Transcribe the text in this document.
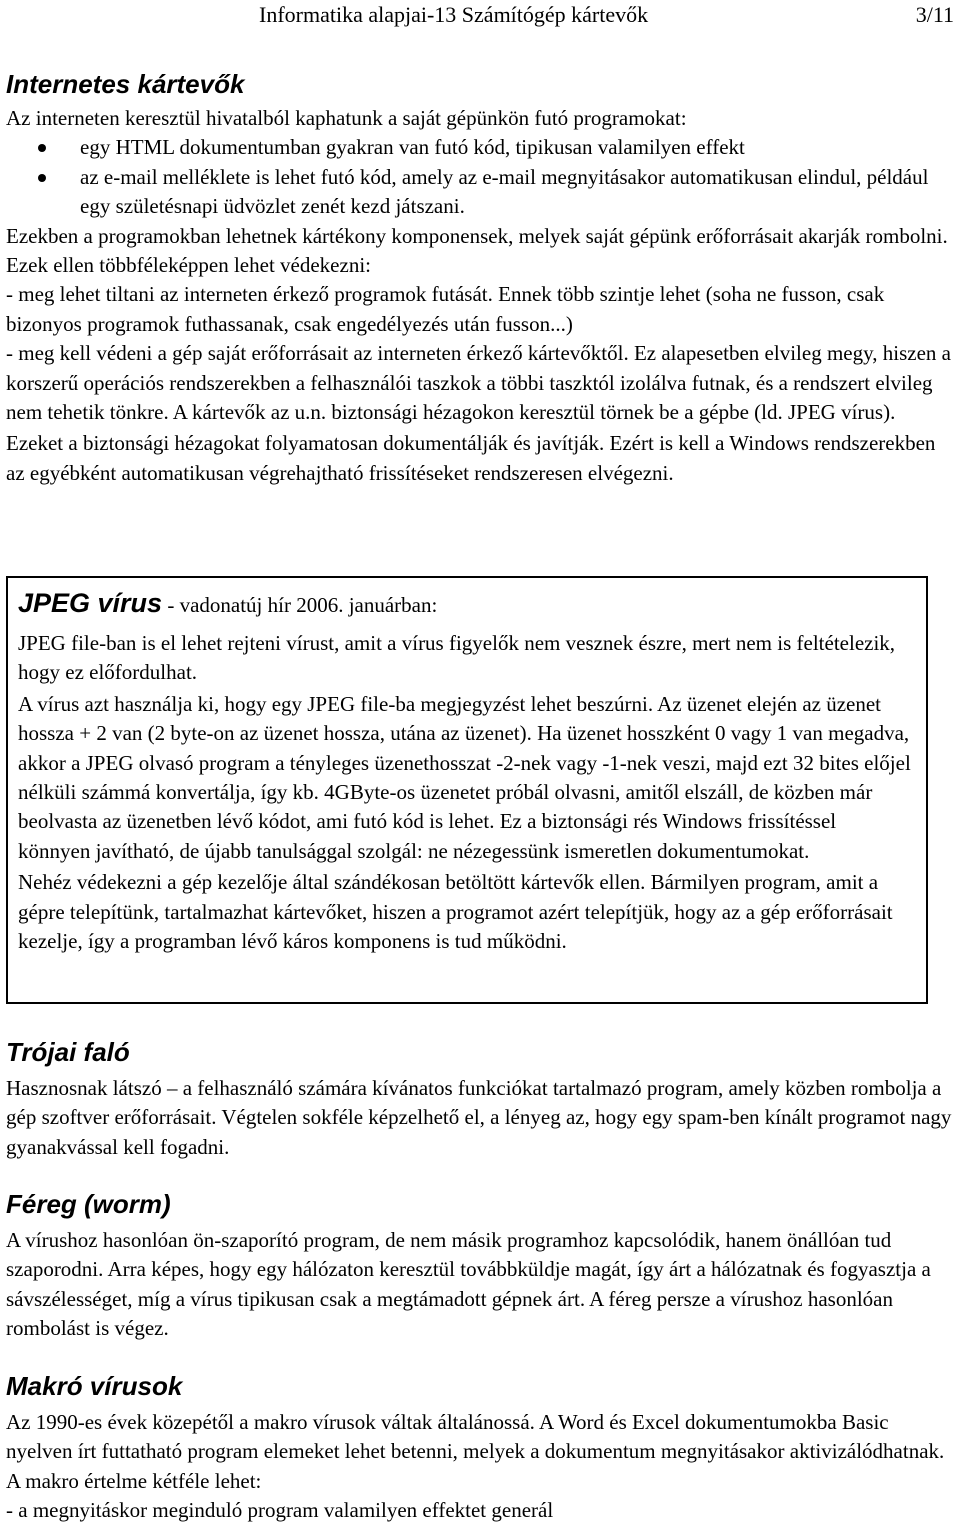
Informatika alapjai-13 Számítógép kártevők	3/11
Internetes kártevők

Az interneten keresztül hivatalból kaphatunk a saját gépünkön futó programokat:

egy HTML dokumentumban gyakran van futó kód, tipikusan valamilyen effekt
az e-mail melléklete is lehet futó kód, amely az e-mail megnyitásakor automatikusan elindul, például egy születésnapi üdvözlet zenét kezd játszani.

Ezekben a programokban lehetnek kártékony komponensek, melyek saját gépünk erőforrásait akarják rombolni. Ezek ellen többféleképpen lehet védekezni:

- meg lehet tiltani az interneten érkező programok futását. Ennek több szintje lehet (soha ne fusson, csak bizonyos programok futhassanak, csak engedélyezés után fusson...)

- meg kell védeni a gép saját erőforrásait az interneten érkező kártevőktől. Ez alapesetben elvileg megy, hiszen a korszerű operációs rendszerekben a felhasználói taszkok a többi taszktól izolálva futnak, és a rendszert elvileg nem tehetik tönkre. A kártevők az u.n. biztonsági hézagokon keresztül törnek be a gépbe (ld. JPEG vírus).

Ezeket a biztonsági hézagokat folyamatosan dokumentálják és javítják. Ezért is kell a Windows rendszerekben az egyébként automatikusan végrehajtható frissítéseket rendszeresen elvégezni.

JPEG vírus - vadonatúj hír 2006. januárban:

JPEG file-ban is el lehet rejteni vírust, amit a vírus figyelők nem vesznek észre, mert nem is feltételezik, hogy ez előfordulhat.

A vírus azt használja ki, hogy egy JPEG file-ba megjegyzést lehet beszúrni. Az üzenet elején az üzenet hossza + 2 van (2 byte-on az üzenet hossza, utána az üzenet). Ha üzenet hosszként 0 vagy 1 van megadva, akkor a JPEG olvasó program a tényleges üzenethosszat -2-nek vagy -1-nek veszi, majd ezt 32 bites előjel nélküli számmá konvertálja, így kb. 4GByte-os üzenetet próbál olvasni, amitől elszáll, de közben már beolvasta az üzenetben lévő kódot, ami futó kód is lehet. Ez a biztonsági rés Windows frissítéssel könnyen javítható, de újabb tanulsággal szolgál: ne nézegessünk ismeretlen dokumentumokat.

Nehéz védekezni a gép kezelője által szándékosan betöltött kártevők ellen. Bármilyen program, amit a gépre telepítünk, tartalmazhat kártevőket, hiszen a programot azért telepítjük, hogy az a gép erőforrásait kezelje, így a programban lévő káros komponens is tud működni.

Trójai faló

Hasznosnak látszó – a felhasználó számára kívánatos funkciókat tartalmazó program, amely közben rombolja a gép szoftver erőforrásait. Végtelen sokféle képzelhető el, a lényeg az, hogy egy spam-ben kínált programot nagy gyanakvással kell fogadni.

Féreg (worm)

A vírushoz hasonlóan ön-szaporító program, de nem másik programhoz kapcsolódik, hanem önállóan tud szaporodni. Arra képes, hogy egy hálózaton keresztül továbbküldje magát, így árt a hálózatnak és fogyasztja a sávszélességet, míg a vírus tipikusan csak a megtámadott gépnek árt. A féreg persze a vírushoz hasonlóan rombolást is végez.

Makró vírusok

Az 1990-es évek közepétől a makro vírusok váltak általánossá. A Word és Excel dokumentumokba Basic nyelven írt futtatható program elemeket lehet betenni, melyek a dokumentum megnyitásakor aktivizálódhatnak. A makro értelme kétféle lehet:

- a megnyitáskor meginduló program valamilyen effektet generál
